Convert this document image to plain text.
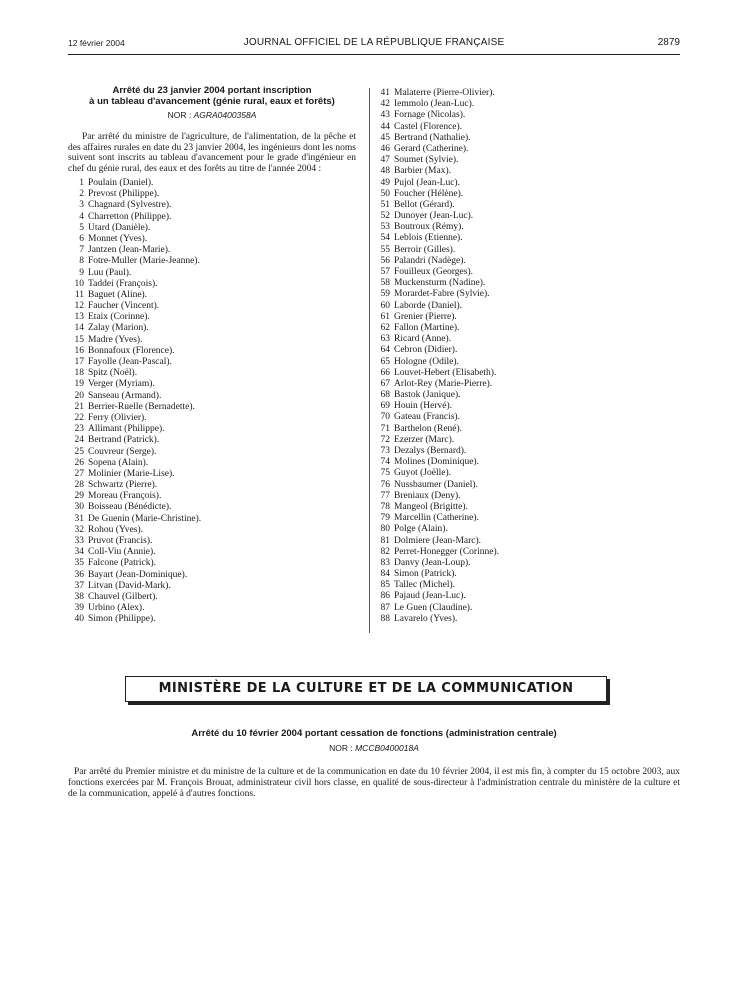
12 février 2004	JOURNAL OFFICIEL DE LA RÉPUBLIQUE FRANÇAISE	2879

Arrêté du 23 janvier 2004 portant inscription
à un tableau d'avancement (génie rural, eaux et forêts)

NOR : AGRA0400358A

Par arrêté du ministre de l'agriculture, de l'alimentation, de la pêche et des affaires rurales en date du 23 janvier 2004, les ingénieurs dont les noms suivent sont inscrits au tableau d'avancement pour le grade d'ingénieur en chef du génie rural, des eaux et des forêts au titre de l'année 2004 :

1 Poulain (Daniel).
2 Prevost (Philippe).
3 Chagnard (Sylvestre).
4 Charretton (Philippe).
5 Utard (Danièle).
6 Monnet (Yves).
7 Jantzen (Jean-Marie).
8 Fotre-Muller (Marie-Jeanne).
9 Luu (Paul).
10 Taddei (François).
11 Baguet (Aline).
12 Faucher (Vincent).
13 Etaix (Corinne).
14 Zalay (Marion).
15 Madre (Yves).
16 Bonnafoux (Florence).
17 Fayolle (Jean-Pascal).
18 Spitz (Noël).
19 Verger (Myriam).
20 Sanseau (Armand).
21 Berrier-Ruelle (Bernadette).
22 Ferry (Olivier).
23 Allimant (Philippe).
24 Bertrand (Patrick).
25 Couvreur (Serge).
26 Sopena (Alain).
27 Molinier (Marie-Lise).
28 Schwartz (Pierre).
29 Moreau (François).
30 Boisseau (Bénédicte).
31 De Guenin (Marie-Christine).
32 Rohou (Yves).
33 Pruvot (Francis).
34 Coll-Viu (Annie).
35 Falcone (Patrick).
36 Bayart (Jean-Dominique).
37 Litvan (David-Mark).
38 Chauvel (Gilbert).
39 Urbino (Alex).
40 Simon (Philippe).
41 Malaterre (Pierre-Olivier).
42 Iemmolo (Jean-Luc).
43 Fornage (Nicolas).
44 Castel (Florence).
45 Bertrand (Nathalie).
46 Gerard (Catherine).
47 Soumet (Sylvie).
48 Barbier (Max).
49 Pujol (Jean-Luc).
50 Foucher (Hélène).
51 Bellot (Gérard).
52 Dunoyer (Jean-Luc).
53 Boutroux (Rémy).
54 Leblois (Etienne).
55 Berroir (Gilles).
56 Palandri (Nadège).
57 Fouilleux (Georges).
58 Muckensturm (Nadine).
59 Morardet-Fabre (Sylvie).
60 Laborde (Daniel).
61 Grenier (Pierre).
62 Fallon (Martine).
63 Ricard (Anne).
64 Cebron (Didier).
65 Hologne (Odile).
66 Louvet-Hebert (Elisabeth).
67 Arlot-Rey (Marie-Pierre).
68 Bastok (Janique).
69 Houin (Hervé).
70 Gateau (Francis).
71 Barthelon (René).
72 Ezerzer (Marc).
73 Dezalys (Bernard).
74 Molines (Dominique).
75 Guyot (Joëlle).
76 Nussbaumer (Daniel).
77 Breniaux (Deny).
78 Mangeol (Brigitte).
79 Marcellin (Catherine).
80 Polge (Alain).
81 Dolmiere (Jean-Marc).
82 Perret-Honegger (Corinne).
83 Danvy (Jean-Loup).
84 Simon (Patrick).
85 Tallec (Michel).
86 Pajaud (Jean-Luc).
87 Le Guen (Claudine).
88 Lavarelo (Yves).
MINISTÈRE DE LA CULTURE ET DE LA COMMUNICATION

Arrêté du 10 février 2004 portant cessation de fonctions (administration centrale)

NOR : MCCB0400018A

Par arrêté du Premier ministre et du ministre de la culture et de la communication en date du 10 février 2004, il est mis fin, à compter du 15 octobre 2003, aux fonctions exercées par M. François Brouat, administrateur civil hors classe, en qualité de sous-directeur à l'administration centrale du ministère de la culture et de la communication, appelé à d'autres fonctions.
